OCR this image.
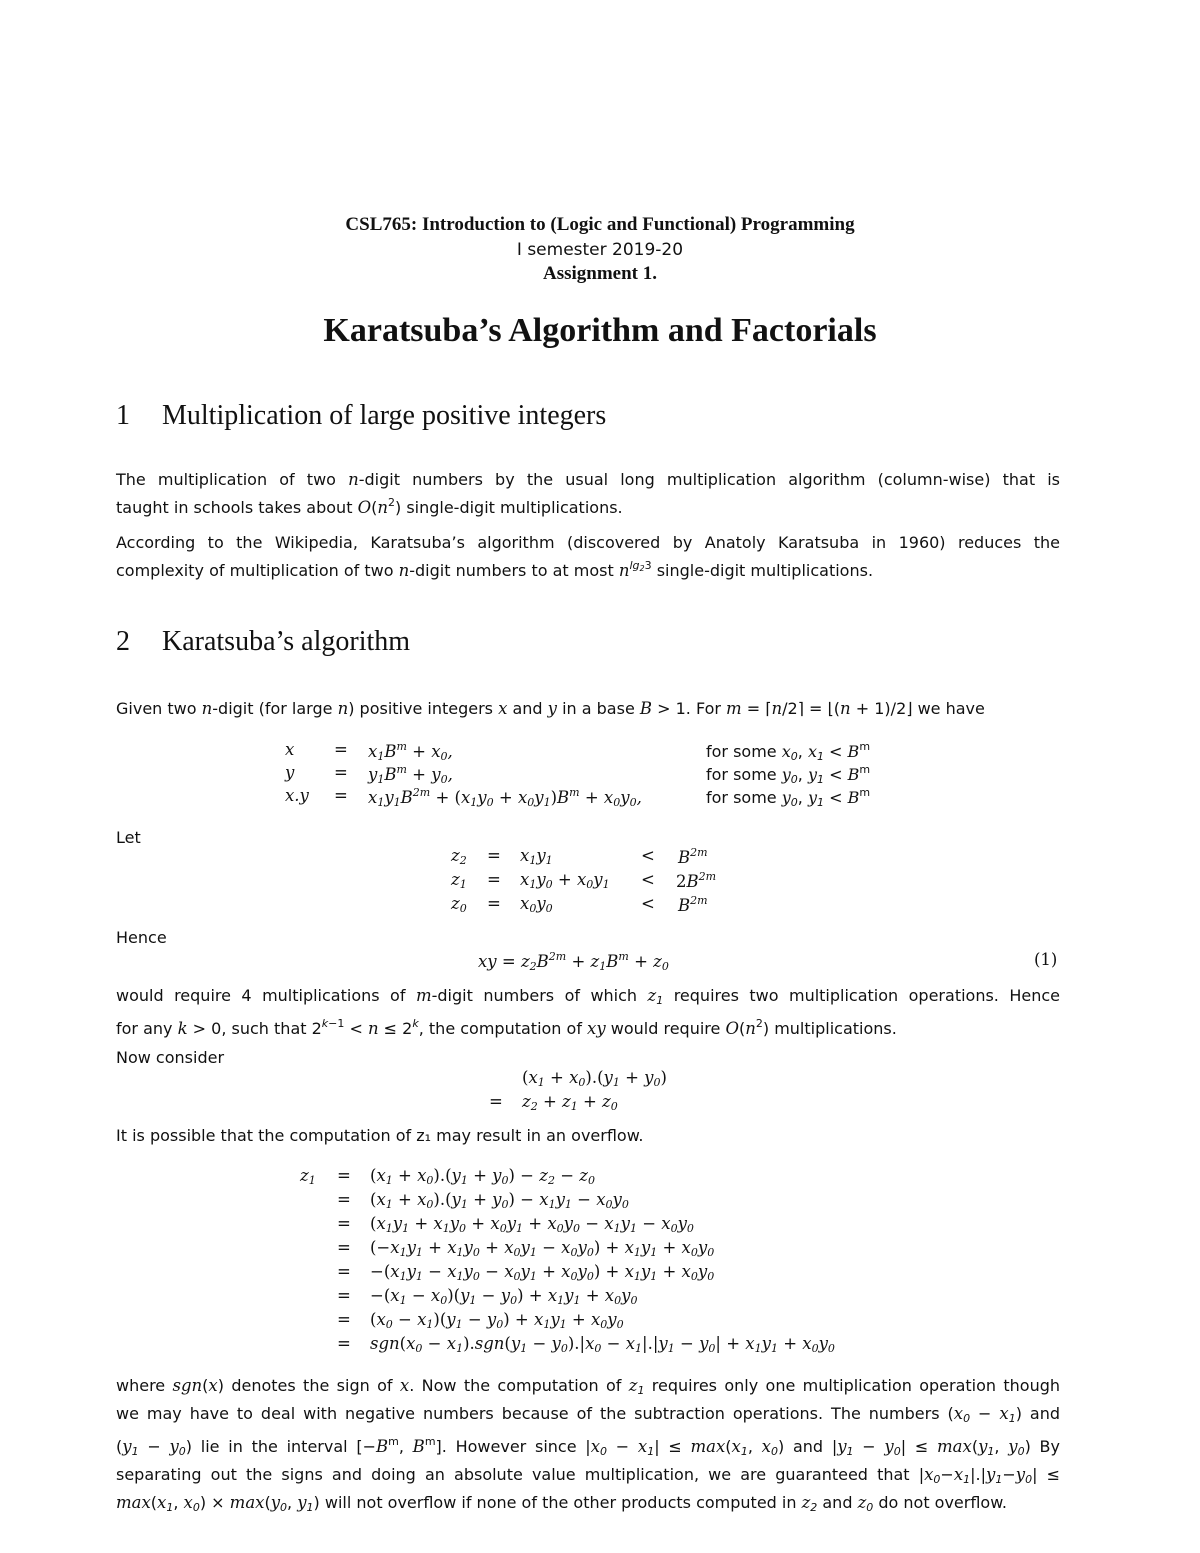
CSL765: Introduction to (Logic and Functional) Programming
I semester 2019-20
Assignment 1.
Karatsuba’s Algorithm and Factorials
1 Multiplication of large positive integers
The multiplication of two n-digit numbers by the usual long multiplication algorithm (column-wise) that is
taught in schools takes about $O(n^2)$ single-digit multiplications.
According to the Wikipedia, Karatsuba’s algorithm (discovered by Anatoly Karatsuba in 1960) reduces the
complexity of multiplication of two n-digit numbers to at most $n^{lg_23}$ single-digit multiplications.
2 Karatsuba’s algorithm
Given two n-digit (for large n) positive integers x and y in a base B > 1. For m = ⌈n/2⌉ = ⌊(n + 1)/2⌋ we have
$x = x_1B^m + x_0$,	for some $x_0$, $x_1 < B^m$
$y = y_1B^m + y_0$,	for some $y_0$, $y_1 < B^m$
$x.y = x_1y_1B^{2m} + (x_1y_0 + x_0y_1)B^m + x_0y_0$,	for some $y_0$, $y_1 < B^m$
Let
$z_2 = x_1y_1$	< $B^{2m}$
$z_1 = x_1y_0 + x_0y_1 < 2B^{2m}$
$z_0 = x_0y_0$	< $B^{2m}$
Hence
xy = $z_2B^{2m} + z_1B^m + z_0$	(1)
would require 4 multiplications of m-digit numbers of which $z_1$ requires two multiplication operations. Hence
for any k > 0, such that $2^{k-1} < n \le 2^k$, the computation of xy would require $O(n^2)$ multiplications.
Now consider
$(x_1 + x_0).(y_1 + y_0)$
= $z_2 + z_1 + z_0$
It is possible that the computation of z₁ may result in an overflow.
$z_1 = (x_1 + x_0).(y_1 + y_0) - z_2 - z_0$
= $(x_1 + x_0).(y_1 + y_0) - x_1y_1 - x_0y_0$
= ($x_1y_1 + x_1y_0 + x_0y_1 + x_0y_0 - x_1y_1 - x_0y_0$
= $(-x_1y_1 + x_1y_0 + x_0y_1 - x_0y_0) + x_1y_1 + x_0y_0$
= $-(x_1y_1 - x_1y_0 - x_0y_1 + x_0y_0) + x_1y_1 + x_0y_0$
= $-(x_1 - x_0)(y_1 - y_0) + x_1y_1 + x_0y_0$
= $(x_0 - x_1)(y_1 - y_0) + x_1y_1 + x_0y_0$
= $sgn(x_0 - x_1).sgn(y_1 - y_0).|x_0 - x_1|.|y_1 - y_0| + x_1y_1 + x_0y_0$
where sgn(x) denotes the sign of x. Now the computation of $z_1$ requires only one multiplication operation though
we may have to deal with negative numbers because of the subtraction operations. The numbers $(x_0 - x_1)$ and
$(y_1 - y_0)$ lie in the interval [$-B^m$, $B^m$]. However since $|x_0 - x_1| \le \max(x_1$, $x_0$) and $|y_1 - y_0| \le \max(y_1$, $y_0$) By
separating out the signs and doing an absolute value multiplication, we are guaranteed that $|x_0-x_1|.|y_1-y_0|$ ≤
$\max(x_1$, $x_0) \times \max(y_0$, $y_1$) will not overflow if none of the other products computed in $z_2$ and $z_0$ do not overflow.
